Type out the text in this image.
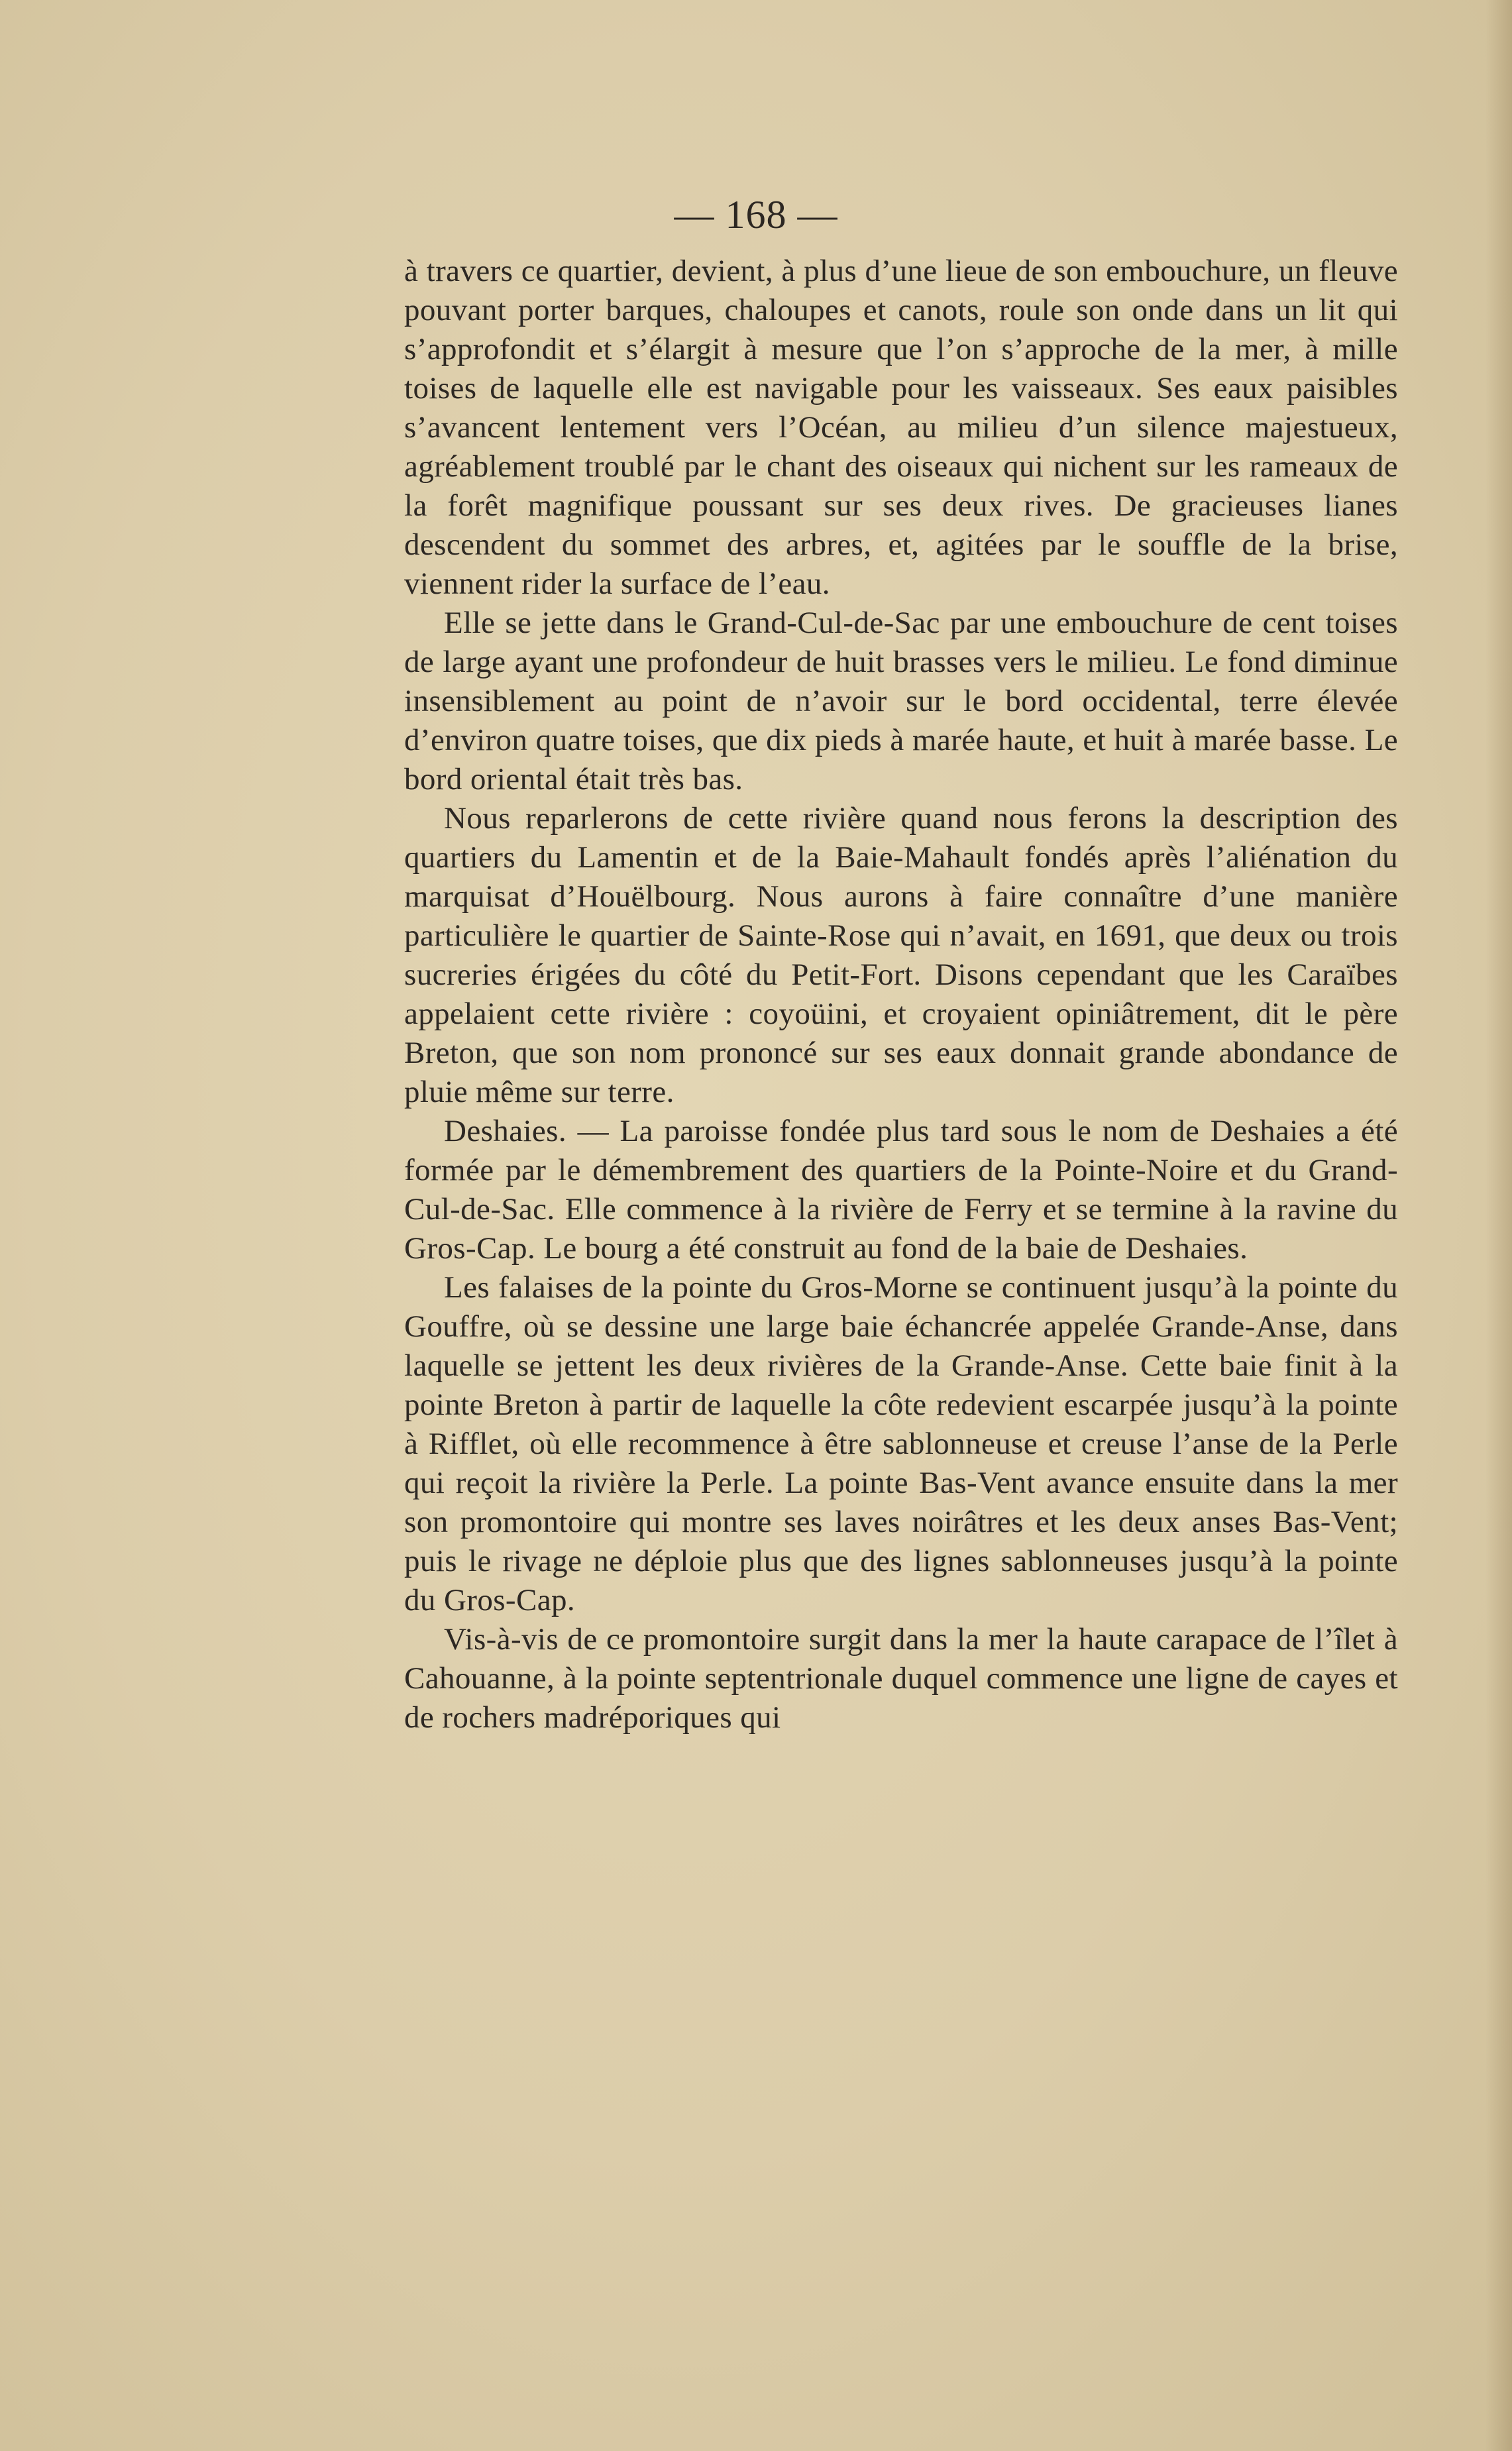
— 168 —

à travers ce quartier, devient, à plus d’une lieue de son embouchure, un fleuve pouvant porter barques, chaloupes et canots, roule son onde dans un lit qui s’approfondit et s’élargit à mesure que l’on s’approche de la mer, à mille toises de laquelle elle est navigable pour les vaisseaux. Ses eaux paisibles s’avancent lentement vers l’Océan, au milieu d’un silence majestueux, agréablement troublé par le chant des oiseaux qui nichent sur les rameaux de la forêt magnifique poussant sur ses deux rives. De gracieuses lianes descendent du sommet des arbres, et, agitées par le souffle de la brise, viennent rider la surface de l’eau.

Elle se jette dans le Grand-Cul-de-Sac par une embouchure de cent toises de large ayant une profondeur de huit brasses vers le milieu. Le fond diminue insensiblement au point de n’avoir sur le bord occidental, terre élevée d’environ quatre toises, que dix pieds à marée haute, et huit à marée basse. Le bord oriental était très bas.

Nous reparlerons de cette rivière quand nous ferons la description des quartiers du Lamentin et de la Baie-Mahault fondés après l’aliénation du marquisat d’Houëlbourg. Nous aurons à faire connaître d’une manière particulière le quartier de Sainte-Rose qui n’avait, en 1691, que deux ou trois sucreries érigées du côté du Petit-Fort. Disons cependant que les Caraïbes appelaient cette rivière : coyoüini, et croyaient opiniâtrement, dit le père Breton, que son nom prononcé sur ses eaux donnait grande abondance de pluie même sur terre.

Deshaies. — La paroisse fondée plus tard sous le nom de Deshaies a été formée par le démembrement des quartiers de la Pointe-Noire et du Grand-Cul-de-Sac. Elle commence à la rivière de Ferry et se termine à la ravine du Gros-Cap. Le bourg a été construit au fond de la baie de Deshaies.

Les falaises de la pointe du Gros-Morne se continuent jusqu’à la pointe du Gouffre, où se dessine une large baie échancrée appelée Grande-Anse, dans laquelle se jettent les deux rivières de la Grande-Anse. Cette baie finit à la pointe Breton à partir de laquelle la côte redevient escarpée jusqu’à la pointe à Rifflet, où elle recommence à être sablonneuse et creuse l’anse de la Perle qui reçoit la rivière la Perle. La pointe Bas-Vent avance ensuite dans la mer son promontoire qui montre ses laves noirâtres et les deux anses Bas-Vent; puis le rivage ne déploie plus que des lignes sablonneuses jusqu’à la pointe du Gros-Cap.

Vis-à-vis de ce promontoire surgit dans la mer la haute carapace de l’îlet à Cahouanne, à la pointe septentrionale duquel commence une ligne de cayes et de rochers madréporiques qui
